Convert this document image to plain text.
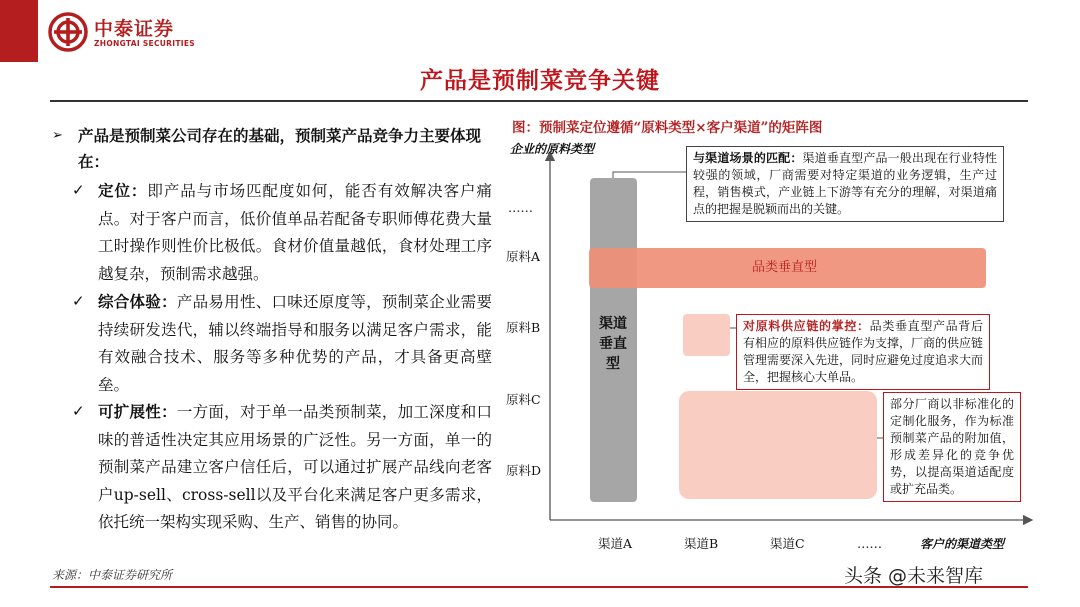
中泰证券
ZHONGTAI SECURITIES
产品是预制菜竞争关键
➢ 产品是预制菜公司存在的基础，预制菜产品竞争力主要体现在：
✓ 定位：即产品与市场匹配度如何，能否有效解决客户痛点。对于客户而言，低价值单品若配备专职师傅花费大量工时操作则性价比极低。食材价值量越低，食材处理工序越复杂，预制需求越强。
✓ 综合体验：产品易用性、口味还原度等，预制菜企业需要持续研发迭代，辅以终端指导和服务以满足客户需求，能有效融合技术、服务等多种优势的产品，才具备更高壁垒。
✓ 可扩展性：一方面，对于单一品类预制菜，加工深度和口味的普适性决定其应用场景的广泛性。另一方面，单一的预制菜产品建立客户信任后，可以通过扩展产品线向老客户up-sell、cross-sell以及平台化来满足客户更多需求，依托统一架构实现采购、生产、销售的协同。
来源：中泰证券研究所
图：预制菜定位遵循“原料类型×客户渠道”的矩阵图
企业的原料类型
……
原料A
原料B
原料C
原料D
渠道A	渠道B	渠道C	……	客户的渠道类型
渠道
垂直
型
品类垂直型
与渠道场景的匹配：渠道垂直型产品一般出现在行业特性较强的领域，厂商需要对特定渠道的业务逻辑，生产过程，销售模式，产业链上下游等有充分的理解，对渠道痛点的把握是脱颖而出的关键。
对原料供应链的掌控：品类垂直型产品背后有相应的原料供应链作为支撑，厂商的供应链管理需要深入先进，同时应避免过度追求大而全，把握核心大单品。
部分厂商以非标准化的定制化服务，作为标准预制菜产品的附加值，形成差异化的竞争优势，以提高渠道适配度或扩充品类。
头条 @未来智库
